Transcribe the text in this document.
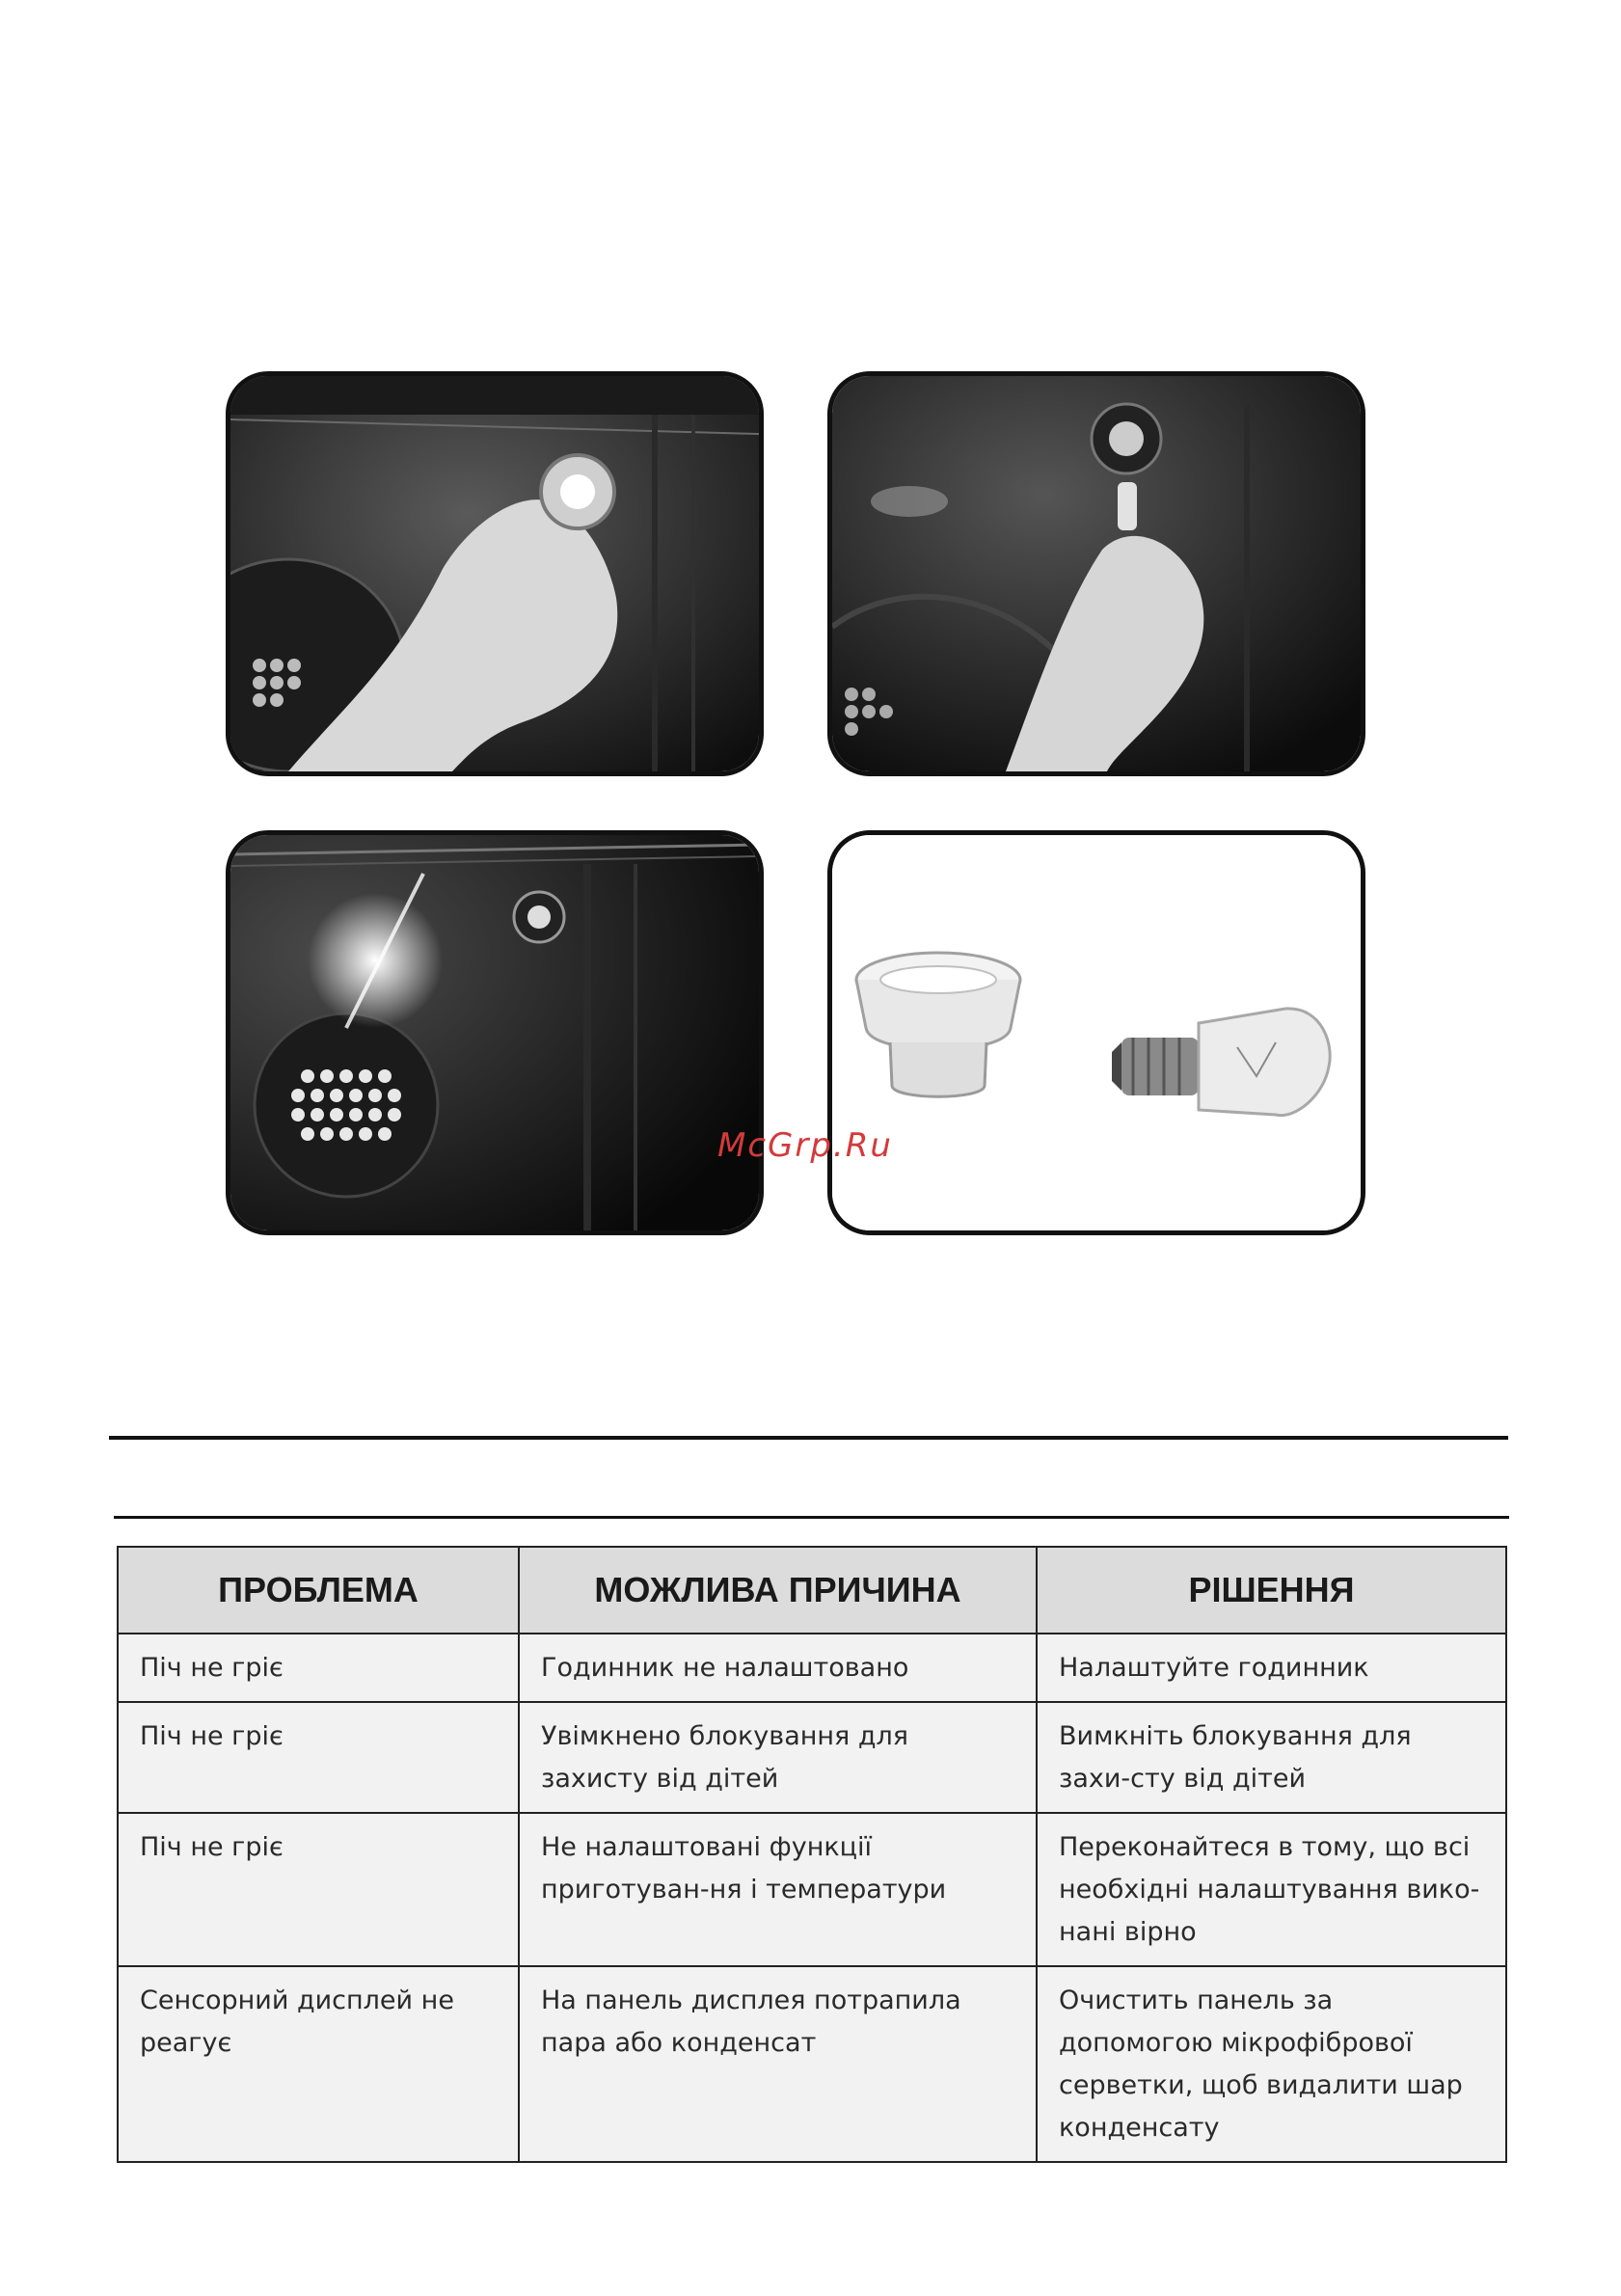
McGrp.Ru
ПРОБЛЕМА	МОЖЛИВА ПРИЧИНА	РІШЕННЯ
Піч не гріє	Годинник не налаштовано	Налаштуйте годинник
Піч не гріє	Увімкнено блокування для захисту від дітей	Вимкніть блокування для захи-сту від дітей
Піч не гріє	Не налаштовані функції приготуван-ня і температури	Переконайтеся в тому, що всі необхідні налаштування вико-нані вірно
Сенсорний дисплей не реагує	На панель дисплея потрапила пара або конденсат	Очистить панель за допомогою мікрофібрової серветки, щоб видалити шар конденсату
